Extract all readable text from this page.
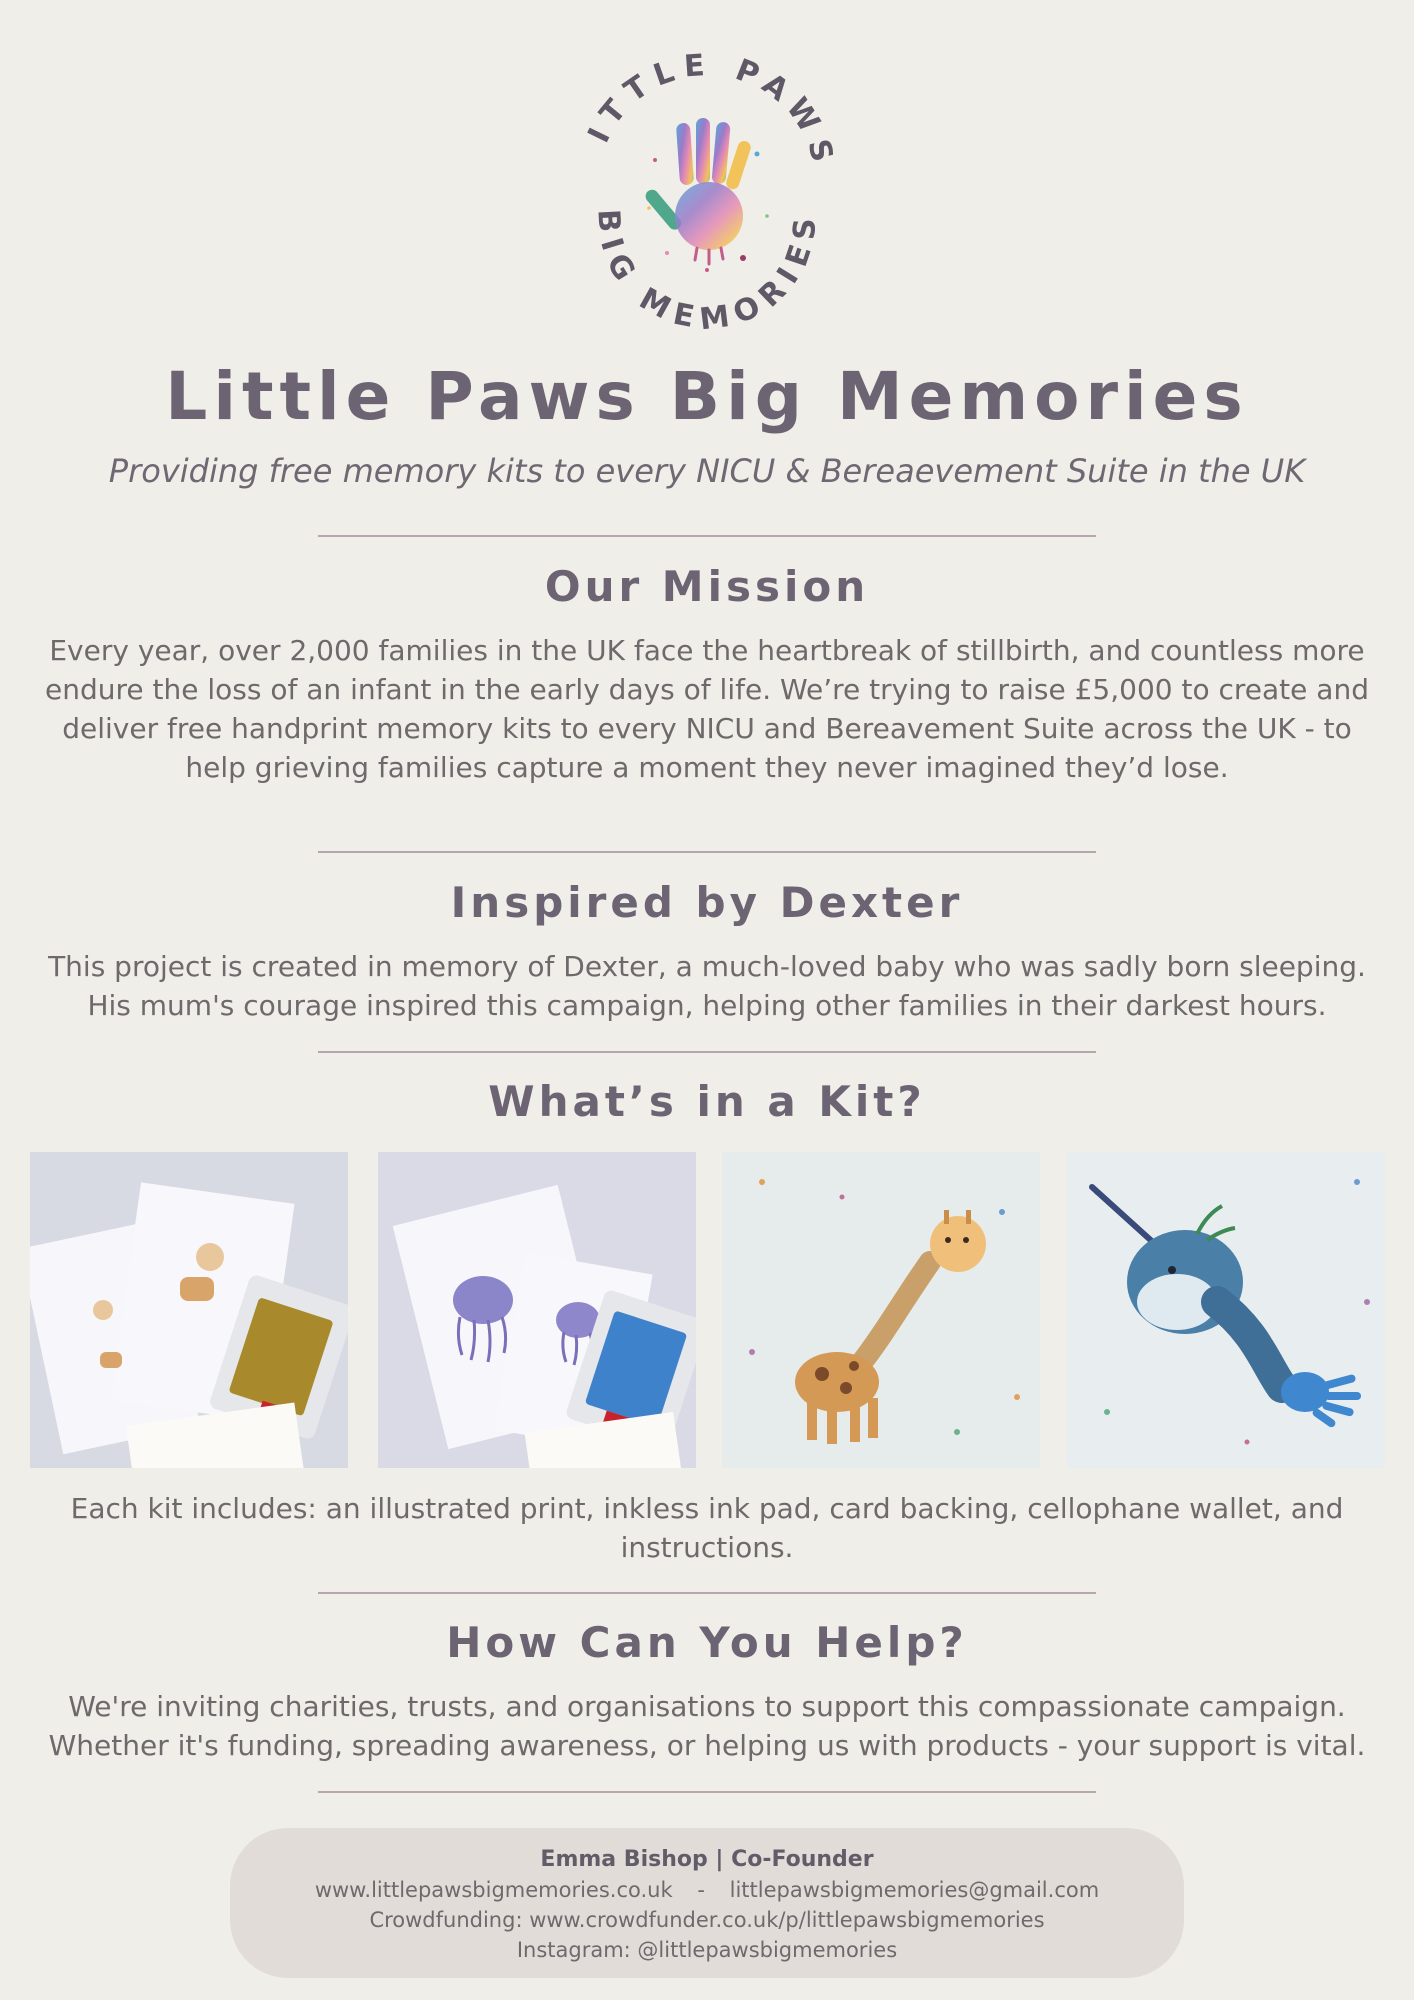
ITTLE PAWS
BIG MEMORIES
Little Paws Big Memories

Providing free memory kits to every NICU & Bereaevement Suite in the UK

Our Mission
Every year, over 2,000 families in the UK face the heartbreak of stillbirth, and countless more
endure the loss of an infant in the early days of life. We’re trying to raise £5,000 to create and
deliver free handprint memory kits to every NICU and Bereavement Suite across the UK - to
help grieving families capture a moment they never imagined they’d lose.
Inspired by Dexter
This project is created in memory of Dexter, a much-loved baby who was sadly born sleeping.
His mum's courage inspired this campaign, helping other families in their darkest hours.
What’s in a Kit?
Each kit includes: an illustrated print, inkless ink pad, card backing, cellophane wallet, and
instructions.
How Can You Help?
We're inviting charities, trusts, and organisations to support this compassionate campaign.
Whether it's funding, spreading awareness, or helping us with products - your support is vital.
Emma Bishop | Co-Founder
www.littlepawsbigmemories.co.uk - littlepawsbigmemories@gmail.com
Crowdfunding: www.crowdfunder.co.uk/p/littlepawsbigmemories
Instagram: @littlepawsbigmemories
